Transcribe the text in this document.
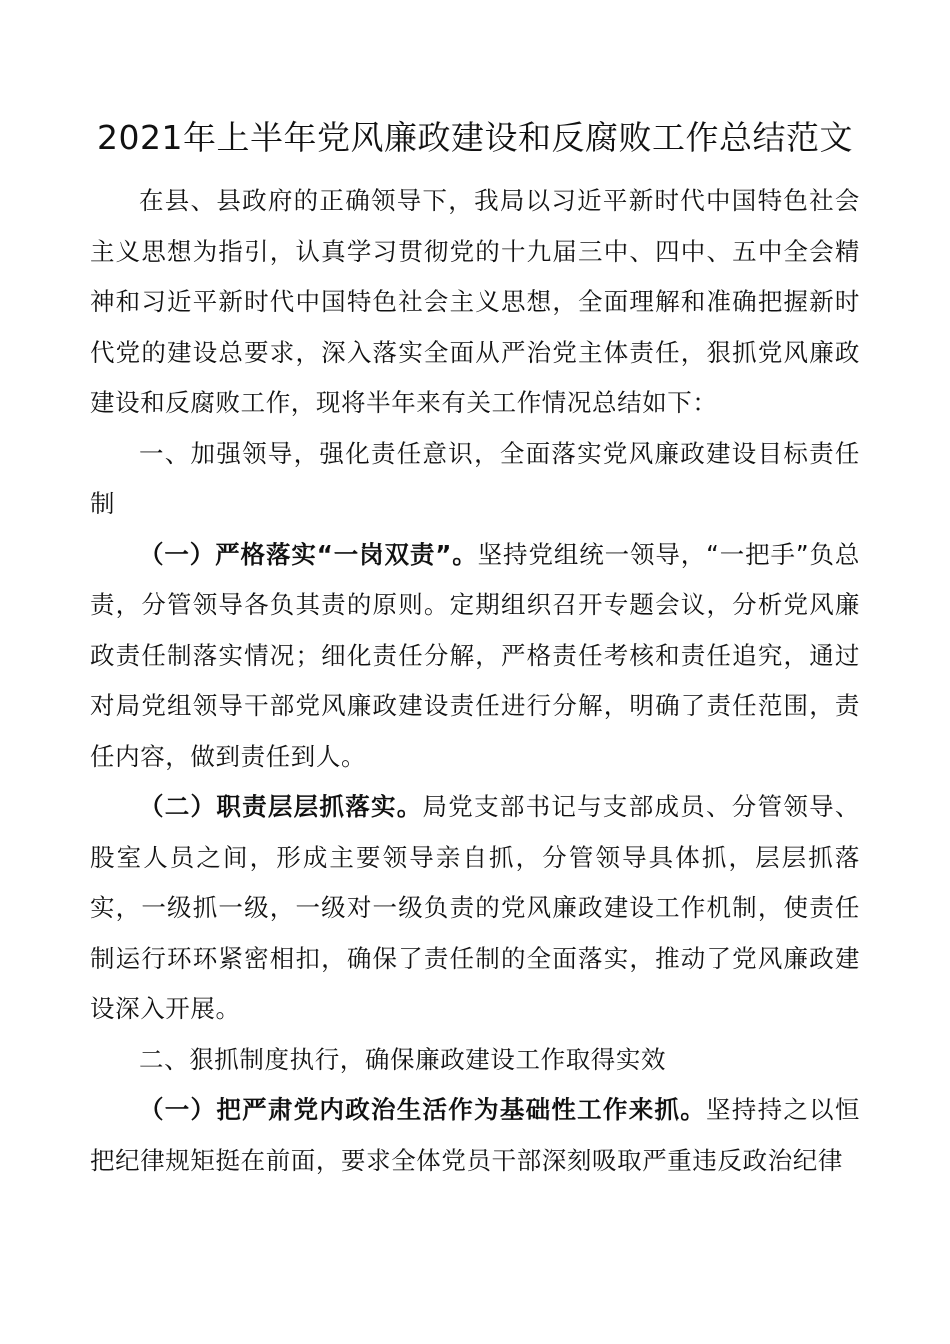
2021年上半年党风廉政建设和反腐败工作总结范文

在县、县政府的正确领导下，我局以习近平新时代中国特色社会主义思想为指引，认真学习贯彻党的十九届三中、四中、五中全会精神和习近平新时代中国特色社会主义思想，全面理解和准确把握新时代党的建设总要求，深入落实全面从严治党主体责任，狠抓党风廉政建设和反腐败工作，现将半年来有关工作情况总结如下：

一、加强领导，强化责任意识，全面落实党风廉政建设目标责任制

（一）严格落实“一岗双责”。坚持党组统一领导，“一把手”负总责，分管领导各负其责的原则。定期组织召开专题会议，分析党风廉政责任制落实情况；细化责任分解，严格责任考核和责任追究，通过对局党组领导干部党风廉政建设责任进行分解，明确了责任范围，责任内容，做到责任到人。

（二）职责层层抓落实。局党支部书记与支部成员、分管领导、股室人员之间，形成主要领导亲自抓，分管领导具体抓，层层抓落实，一级抓一级，一级对一级负责的党风廉政建设工作机制，使责任制运行环环紧密相扣，确保了责任制的全面落实，推动了党风廉政建设深入开展。

二、狠抓制度执行，确保廉政建设工作取得实效

（一）把严肃党内政治生活作为基础性工作来抓。坚持持之以恒把纪律规矩挺在前面，要求全体党员干部深刻吸取严重违反政治纪律
